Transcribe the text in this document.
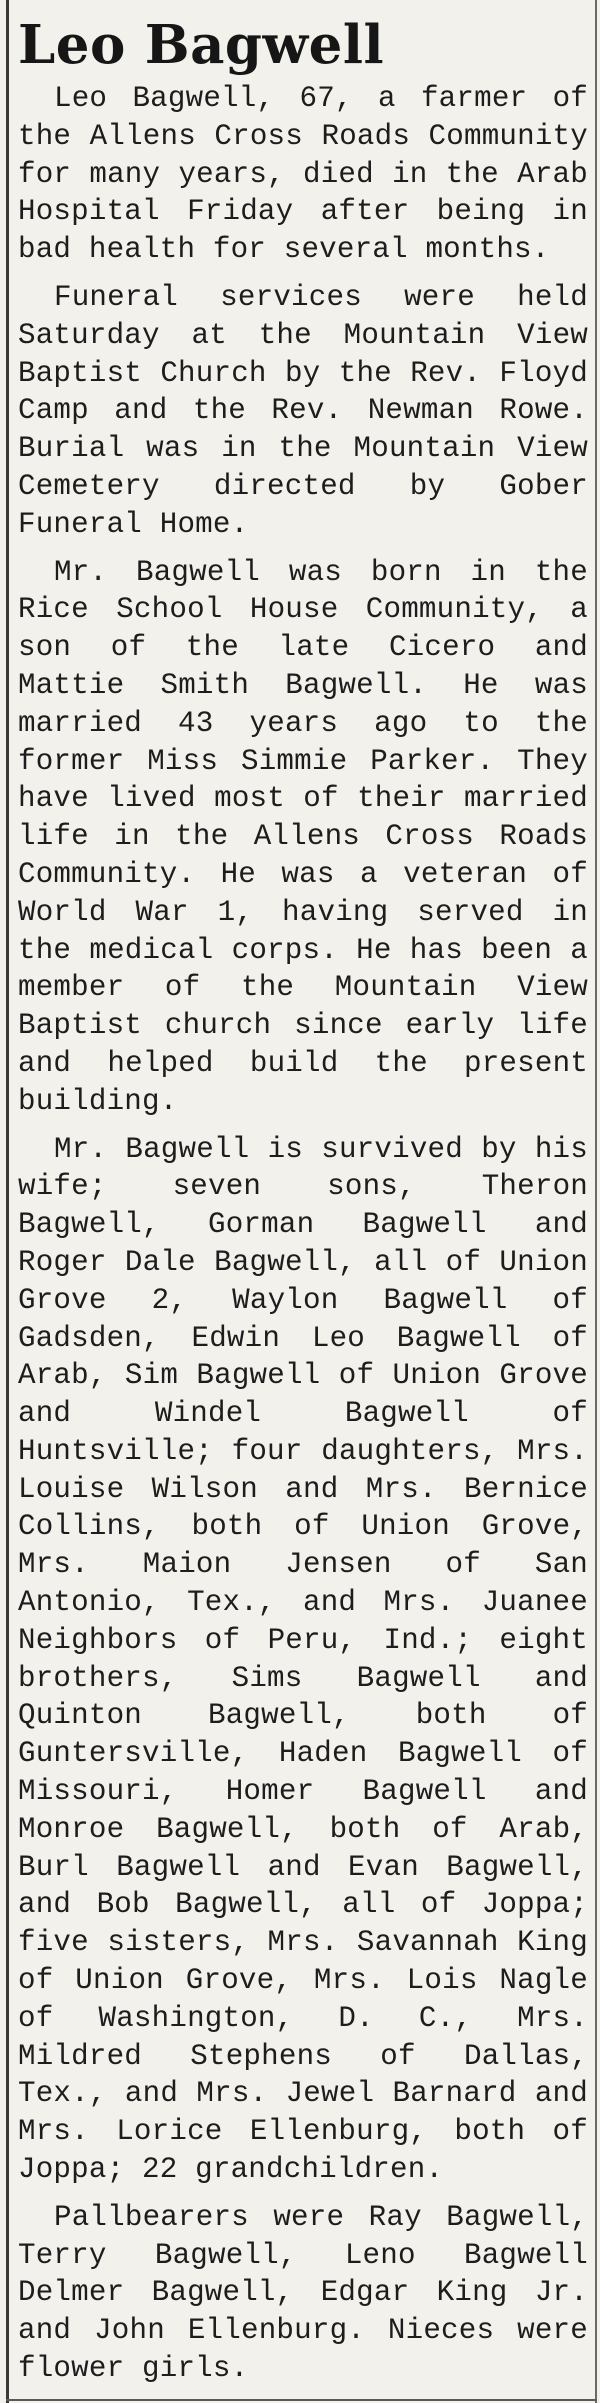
Leo Bagwell

Leo Bagwell, 67, a farmer of the Allens Cross Roads Community for many years, died in the Arab Hospital Friday after being in bad health for several months.

Funeral services were held Saturday at the Mountain View Baptist Church by the Rev. Floyd Camp and the Rev. Newman Rowe. Burial was in the Mountain View Cemetery directed by Gober Funeral Home.

Mr. Bagwell was born in the Rice School House Community, a son of the late Cicero and Mattie Smith Bagwell. He was married 43 years ago to the former Miss Simmie Parker. They have lived most of their married life in the Allens Cross Roads Community. He was a veteran of World War 1, having served in the medical corps. He has been a member of the Mountain View Baptist church since early life and helped build the present building.

Mr. Bagwell is survived by his wife; seven sons, Theron Bagwell, Gorman Bagwell and Roger Dale Bagwell, all of Union Grove 2, Waylon Bagwell of Gadsden, Edwin Leo Bagwell of Arab, Sim Bagwell of Union Grove and Windel Bagwell of Huntsville; four daughters, Mrs. Louise Wilson and Mrs. Bernice Collins, both of Union Grove, Mrs. Maion Jensen of San Antonio, Tex., and Mrs. Juanee Neighbors of Peru, Ind.; eight brothers, Sims Bagwell and Quinton Bagwell, both of Guntersville, Haden Bagwell of Missouri, Homer Bagwell and Monroe Bagwell, both of Arab, Burl Bagwell and Evan Bagwell, and Bob Bagwell, all of Joppa; five sisters, Mrs. Savannah King of Union Grove, Mrs. Lois Nagle of Washington, D. C., Mrs. Mildred Stephens of Dallas, Tex., and Mrs. Jewel Barnard and Mrs. Lorice Ellenburg, both of Joppa; 22 grandchildren.

Pallbearers were Ray Bagwell, Terry Bagwell, Leno Bagwell Delmer Bagwell, Edgar King Jr. and John Ellenburg. Nieces were flower girls.
